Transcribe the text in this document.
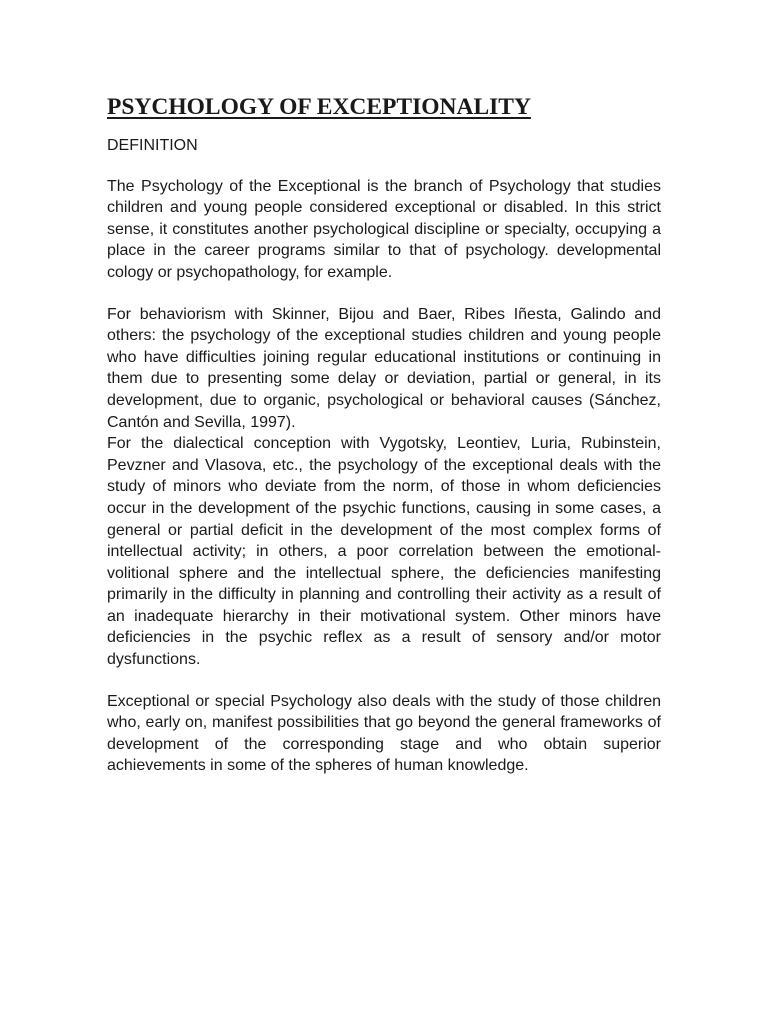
PSYCHOLOGY OF EXCEPTIONALITY
DEFINITION

The Psychology of the Exceptional is the branch of Psychology that studies children and young people considered exceptional or disabled. In this strict sense, it constitutes another psychological discipline or specialty, occupying a place in the career programs similar to that of psychology. developmental cology or psychopathology, for example.

For behaviorism with Skinner, Bijou and Baer, Ribes Iñesta, Galindo and others: the psychology of the exceptional studies children and young people who have difficulties joining regular educational institutions or continuing in them due to presenting some delay or deviation, partial or general, in its development, due to organic, psychological or behavioral causes (Sánchez, Cantón and Sevilla, 1997).

For the dialectical conception with Vygotsky, Leontiev, Luria, Rubinstein, Pevzner and Vlasova, etc., the psychology of the exceptional deals with the study of minors who deviate from the norm, of those in whom deficiencies occur in the development of the psychic functions, causing in some cases, a general or partial deficit in the development of the most complex forms of intellectual activity; in others, a poor correlation between the emotional-volitional sphere and the intellectual sphere, the deficiencies manifesting primarily in the difficulty in planning and controlling their activity as a result of an inadequate hierarchy in their motivational system. Other minors have deficiencies in the psychic reflex as a result of sensory and/or motor dysfunctions.

Exceptional or special Psychology also deals with the study of those children who, early on, manifest possibilities that go beyond the general frameworks of development of the corresponding stage and who obtain superior achievements in some of the spheres of human knowledge.
